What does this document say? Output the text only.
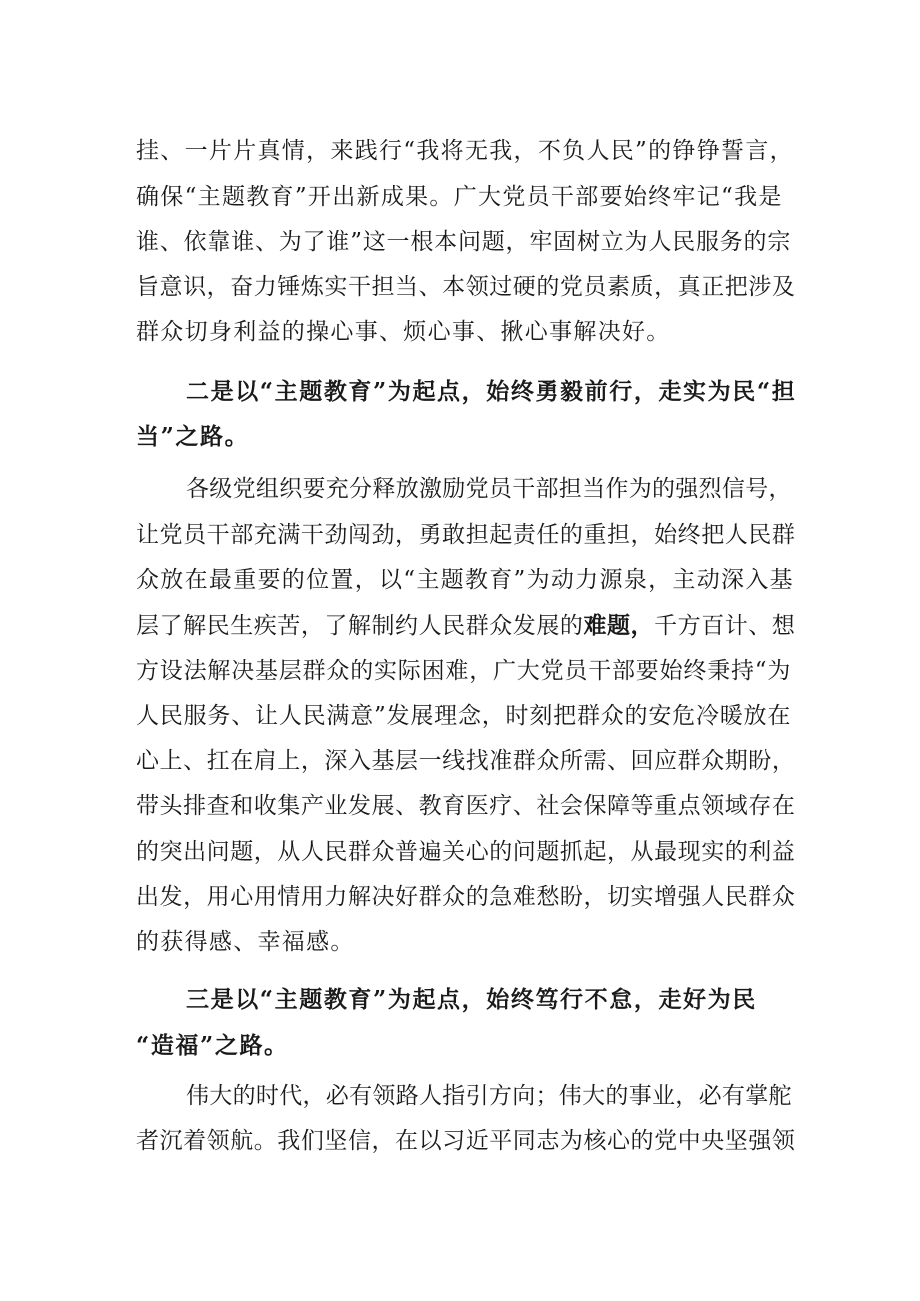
挂、一片片真情，来践行“我将无我，不负人民”的铮铮誓言，
确保“主题教育”开出新成果。广大党员干部要始终牢记“我是
谁、依靠谁、为了谁”这一根本问题，牢固树立为人民服务的宗
旨意识，奋力锤炼实干担当、本领过硬的党员素质，真正把涉及
群众切身利益的操心事、烦心事、揪心事解决好。
二是以“主题教育”为起点，始终勇毅前行，走实为民“担
当”之路。
各级党组织要充分释放激励党员干部担当作为的强烈信号，
让党员干部充满干劲闯劲，勇敢担起责任的重担，始终把人民群
众放在最重要的位置，以“主题教育”为动力源泉，主动深入基
层了解民生疾苦，了解制约人民群众发展的难题，千方百计、想
方设法解决基层群众的实际困难，广大党员干部要始终秉持“为
人民服务、让人民满意”发展理念，时刻把群众的安危冷暖放在
心上、扛在肩上，深入基层一线找准群众所需、回应群众期盼，
带头排查和收集产业发展、教育医疗、社会保障等重点领域存在
的突出问题，从人民群众普遍关心的问题抓起，从最现实的利益
出发，用心用情用力解决好群众的急难愁盼，切实增强人民群众
的获得感、幸福感。
三是以“主题教育”为起点，始终笃行不怠，走好为民
“造福”之路。
伟大的时代，必有领路人指引方向；伟大的事业，必有掌舵
者沉着领航。我们坚信，在以习近平同志为核心的党中央坚强领
